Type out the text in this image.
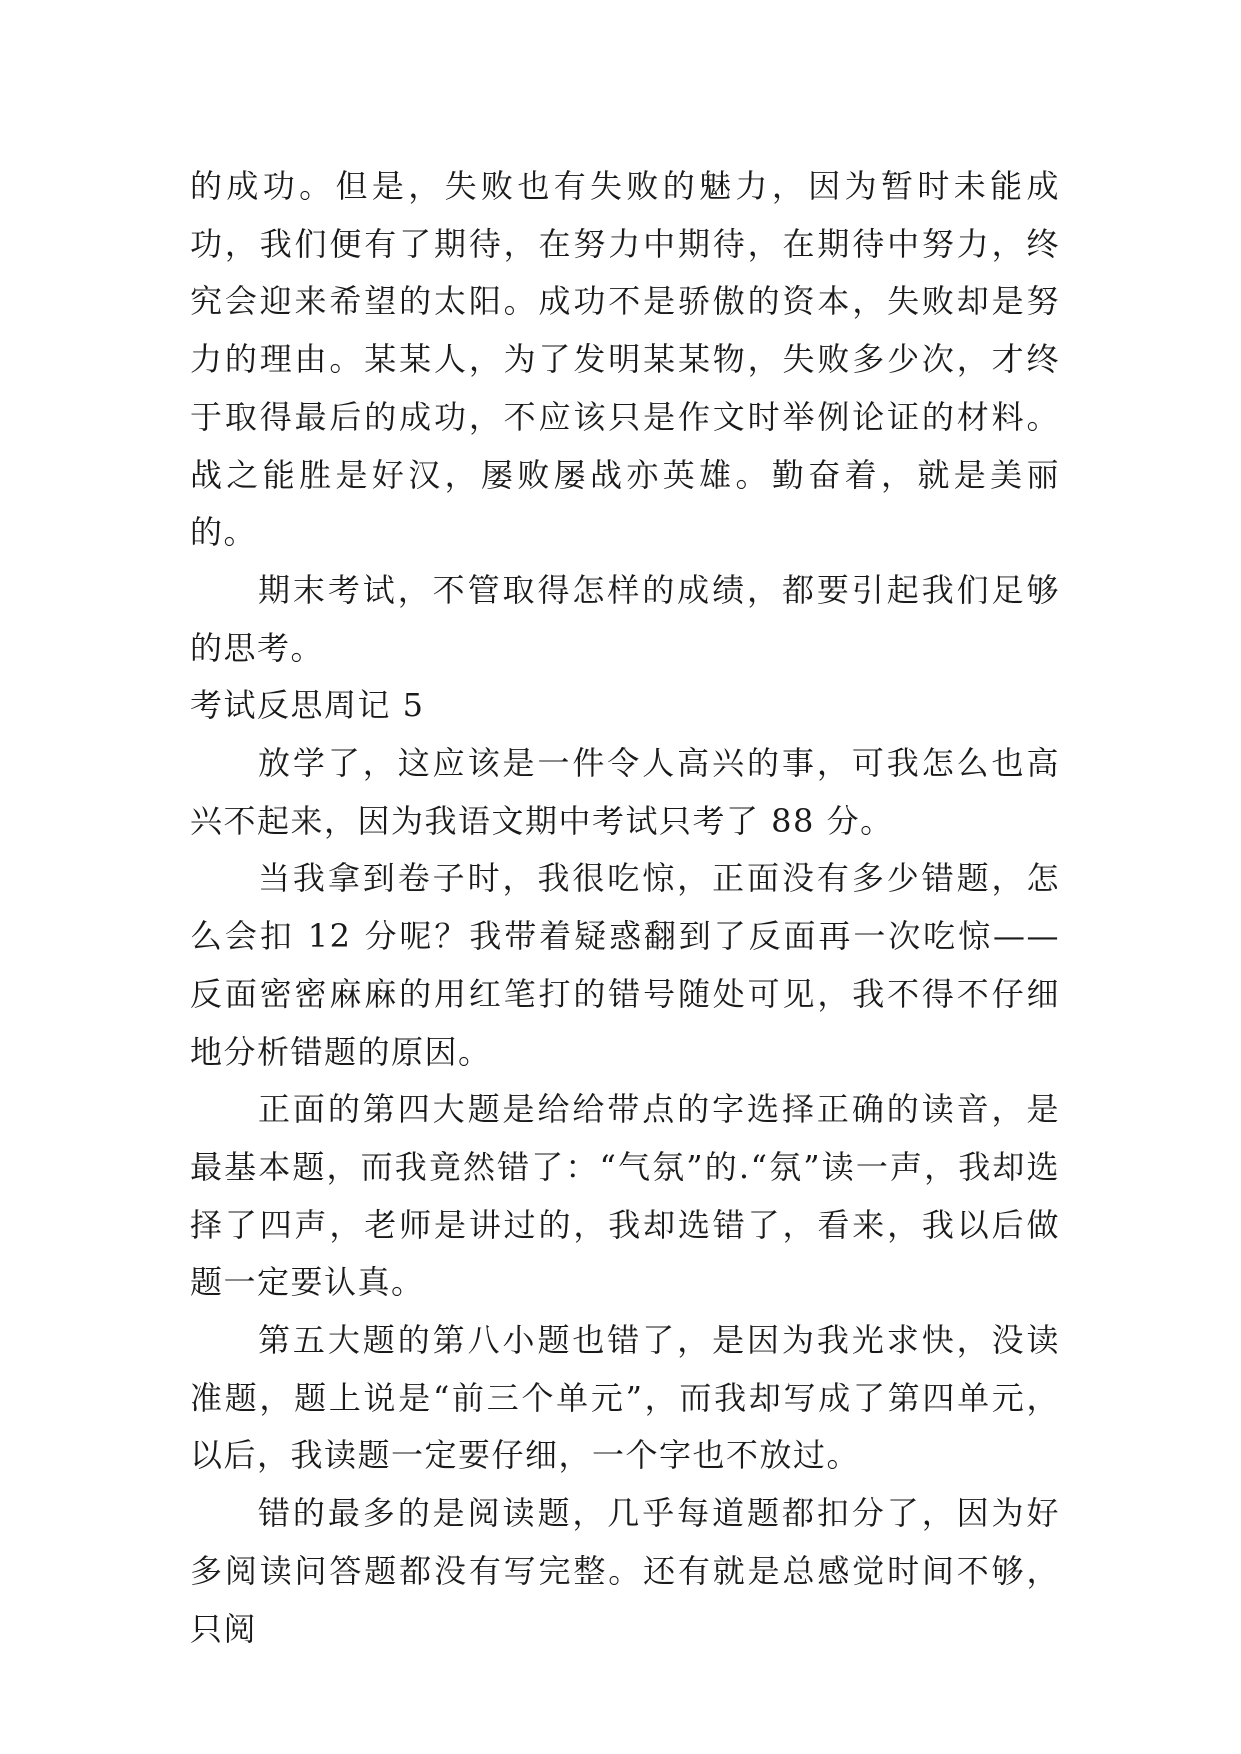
的成功。但是，失败也有失败的魅力，因为暂时未能成功，我们便有了期待，在努力中期待，在期待中努力，终究会迎来希望的太阳。成功不是骄傲的资本，失败却是努力的理由。某某人，为了发明某某物，失败多少次，才终于取得最后的成功，不应该只是作文时举例论证的材料。战之能胜是好汉，屡败屡战亦英雄。勤奋着，就是美丽的。

期末考试，不管取得怎样的成绩，都要引起我们足够的思考。

考试反思周记 5

放学了，这应该是一件令人高兴的事，可我怎么也高兴不起来，因为我语文期中考试只考了 88 分。

当我拿到卷子时，我很吃惊，正面没有多少错题，怎么会扣 12 分呢？我带着疑惑翻到了反面再一次吃惊——反面密密麻麻的用红笔打的错号随处可见，我不得不仔细地分析错题的原因。

正面的第四大题是给给带点的字选择正确的读音，是最基本题，而我竟然错了：“气氛”的.“氛”读一声，我却选择了四声，老师是讲过的，我却选错了，看来，我以后做题一定要认真。

第五大题的第八小题也错了，是因为我光求快，没读准题，题上说是“前三个单元”，而我却写成了第四单元，以后，我读题一定要仔细，一个字也不放过。

错的最多的是阅读题，几乎每道题都扣分了，因为好多阅读问答题都没有写完整。还有就是总感觉时间不够，只阅
